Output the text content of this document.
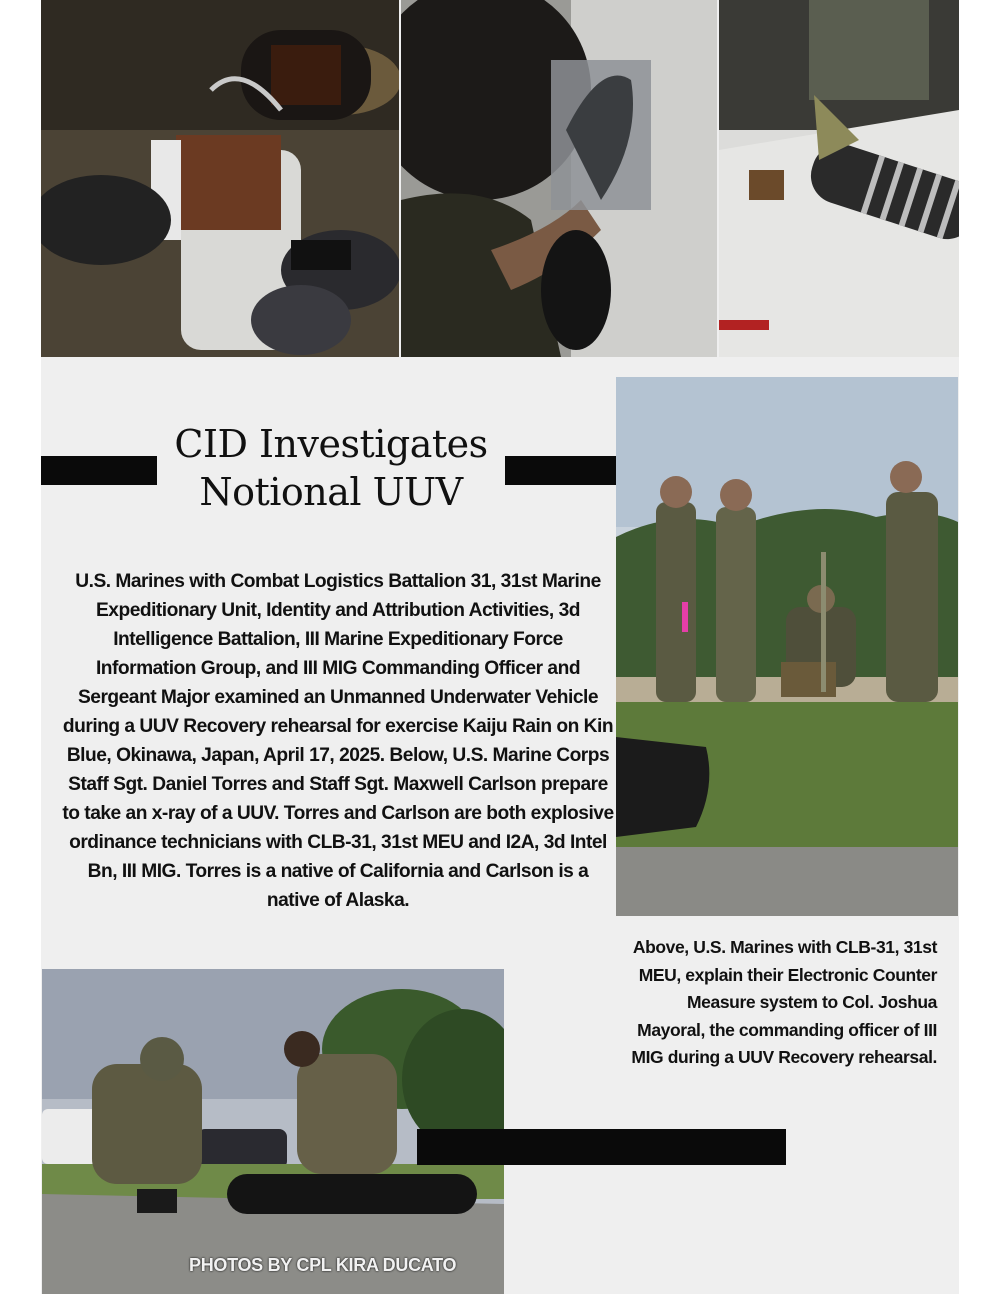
CID Investigates
Notional UUV
U.S. Marines with Combat Logistics Battalion 31, 31st Marine Expeditionary Unit, Identity and Attribution Activities, 3d Intelligence Battalion, III Marine Expeditionary Force Information Group, and III MIG Commanding Officer and Sergeant Major examined an Unmanned Underwater Vehicle during a UUV Recovery rehearsal for exercise Kaiju Rain on Kin Blue, Okinawa, Japan, April 17, 2025. Below, U.S. Marine Corps Staff Sgt. Daniel Torres and Staff Sgt. Maxwell Carlson prepare to take an x-ray of a UUV. Torres and Carlson are both explosive ordinance technicians with CLB-31, 31st MEU and I2A, 3d Intel Bn, III MIG. Torres is a native of California and Carlson is a native of Alaska.
Above, U.S. Marines with CLB-31, 31st MEU, explain their Electronic Counter Measure system to Col. Joshua Mayoral, the commanding officer of III MIG during a UUV Recovery rehearsal.
PHOTOS BY CPL KIRA DUCATO
